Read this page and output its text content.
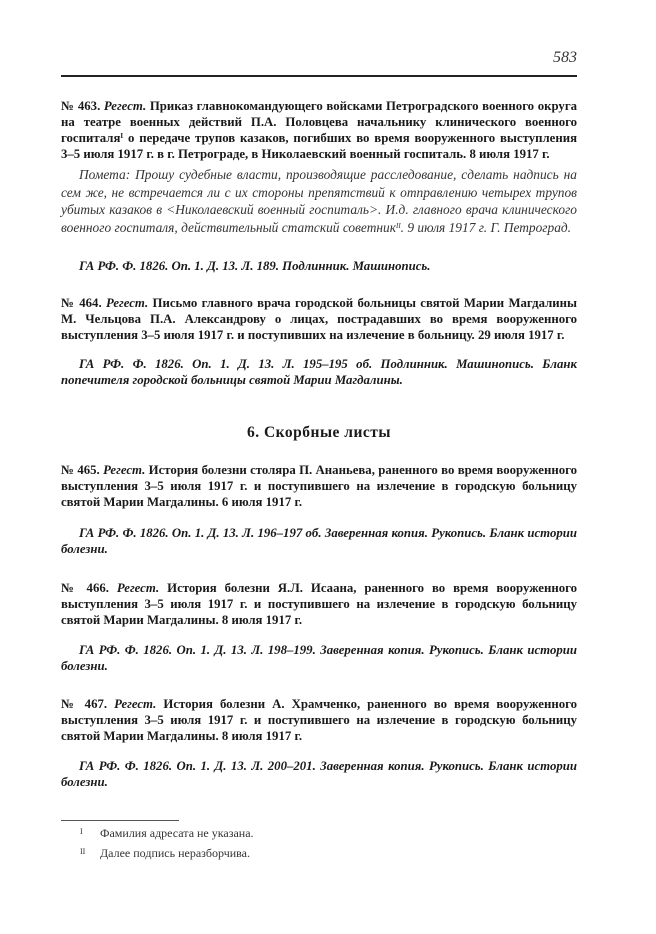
583
№ 463. Регест. Приказ главнокомандующего войсками Петроградского военного округа на театре военных действий П.А. Половцева начальнику клинического военного госпиталя$^I$ о передаче трупов казаков, погибших во время вооруженного выступления 3–5 июля 1917 г. в г. Петрограде, в Николаевский военный госпиталь. 8 июля 1917 г.
Помета: Прошу судебные власти, производящие расследование, сделать надпись на сем же, не встречается ли с их стороны препятствий к отправлению четырех трупов убитых казаков в <Николаевский военный госпиталь>. И.д. главного врача клинического военного госпиталя, действительный статский советник$^{II}$. 9 июля 1917 г. Г. Петроград.
ГА РФ. Ф. 1826. Оп. 1. Д. 13. Л. 189. Подлинник. Машинопись.
№ 464. Регест. Письмо главного врача городской больницы святой Марии Магдалины М. Чельцова П.А. Александрову о лицах, пострадавших во время вооруженного выступления 3–5 июля 1917 г. и поступивших на излечение в больницу. 29 июля 1917 г.
ГА РФ. Ф. 1826. Оп. 1. Д. 13. Л. 195–195 об. Подлинник. Машинопись. Бланк попечителя городской больницы святой Марии Магдалины.
6. Скорбные листы
№ 465. Регест. История болезни столяра П. Ананьева, раненного во время вооруженного выступления 3–5 июля 1917 г. и поступившего на излечение в городскую больницу святой Марии Магдалины. 6 июля 1917 г.
ГА РФ. Ф. 1826. Оп. 1. Д. 13. Л. 196–197 об. Заверенная копия. Рукопись. Бланк истории болезни.
№ 466. Регест. История болезни Я.Л. Исаана, раненного во время вооруженного выступления 3–5 июля 1917 г. и поступившего на излечение в городскую больницу святой Марии Магдалины. 8 июля 1917 г.
ГА РФ. Ф. 1826. Оп. 1. Д. 13. Л. 198–199. Заверенная копия. Рукопись. Бланк истории болезни.
№ 467. Регест. История болезни А. Храмченко, раненного во время вооруженного выступления 3–5 июля 1917 г. и поступившего на излечение в городскую больницу святой Марии Магдалины. 8 июля 1917 г.
ГА РФ. Ф. 1826. Оп. 1. Д. 13. Л. 200–201. Заверенная копия. Рукопись. Бланк истории болезни.
I Фамилия адресата не указана.
II Далее подпись неразборчива.
